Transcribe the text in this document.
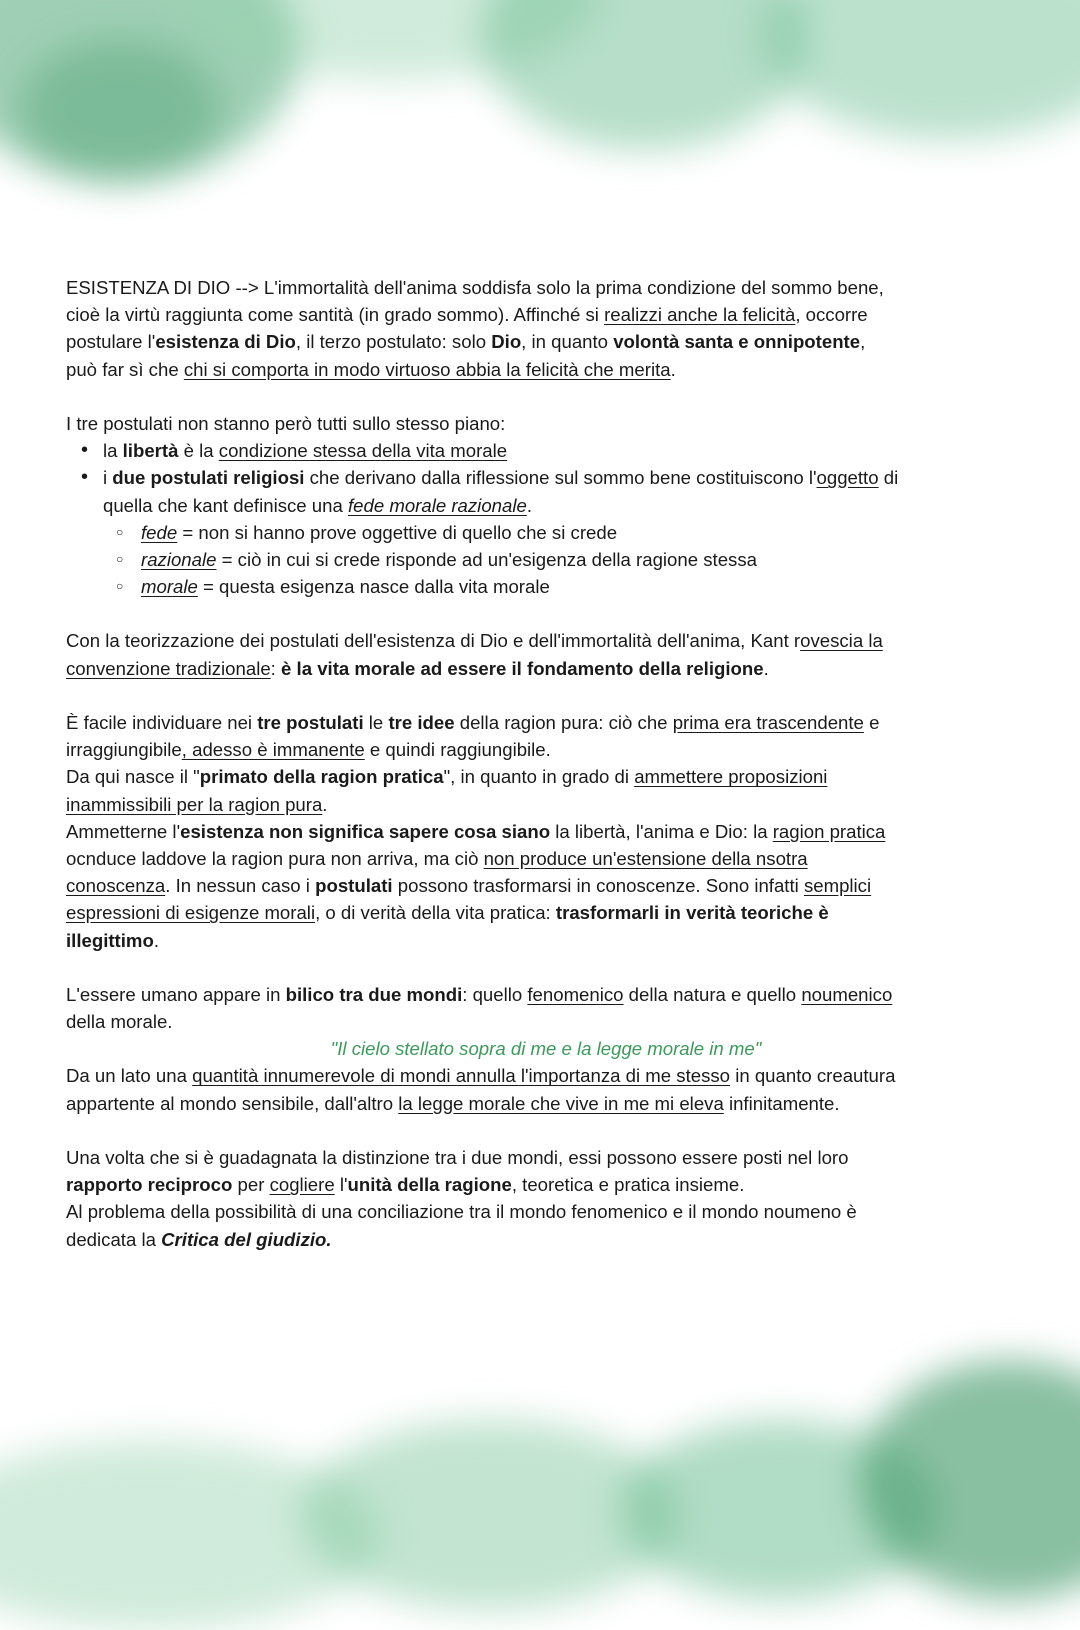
ESISTENZA DI DIO --> L'immortalità dell'anima soddisfa solo la prima condizione del sommo bene,
cioè la virtù raggiunta come santità (in grado sommo). Affinché si realizzi anche la felicità, occorre
postulare l'esistenza di Dio, il terzo postulato: solo Dio, in quanto volontà santa e onnipotente,
può far sì che chi si comporta in modo virtuoso abbia la felicità che merita.
I tre postulati non stanno però tutti sullo stesso piano:
• la libertà è la condizione stessa della vita morale
• i due postulati religiosi che derivano dalla riflessione sul sommo bene costituiscono l'oggetto di
quella che kant definisce una fede morale razionale.
○ fede = non si hanno prove oggettive di quello che si crede
○ razionale = ciò in cui si crede risponde ad un'esigenza della ragione stessa
○ morale = questa esigenza nasce dalla vita morale
Con la teorizzazione dei postulati dell'esistenza di Dio e dell'immortalità dell'anima, Kant rovescia la
convenzione tradizionale: è la vita morale ad essere il fondamento della religione.
È facile individuare nei tre postulati le tre idee della ragion pura: ciò che prima era trascendente e
irraggiungibile, adesso è immanente e quindi raggiungibile.
Da qui nasce il "primato della ragion pratica", in quanto in grado di ammettere proposizioni
inammissibili per la ragion pura.
Ammetterne l'esistenza non significa sapere cosa siano la libertà, l'anima e Dio: la ragion pratica
ocnduce laddove la ragion pura non arriva, ma ciò non produce un'estensione della nsotra
conoscenza. In nessun caso i postulati possono trasformarsi in conoscenze. Sono infatti semplici
espressioni di esigenze morali, o di verità della vita pratica: trasformarli in verità teoriche è
illegittimo.
L'essere umano appare in bilico tra due mondi: quello fenomenico della natura e quello noumenico
della morale.
"Il cielo stellato sopra di me e la legge morale in me"
Da un lato una quantità innumerevole di mondi annulla l'importanza di me stesso in quanto creautura
appartente al mondo sensibile, dall'altro la legge morale che vive in me mi eleva infinitamente.
Una volta che si è guadagnata la distinzione tra i due mondi, essi possono essere posti nel loro
rapporto reciproco per cogliere l'unità della ragione, teoretica e pratica insieme.
Al problema della possibilità di una conciliazione tra il mondo fenomenico e il mondo noumeno è
dedicata la Critica del giudizio.
